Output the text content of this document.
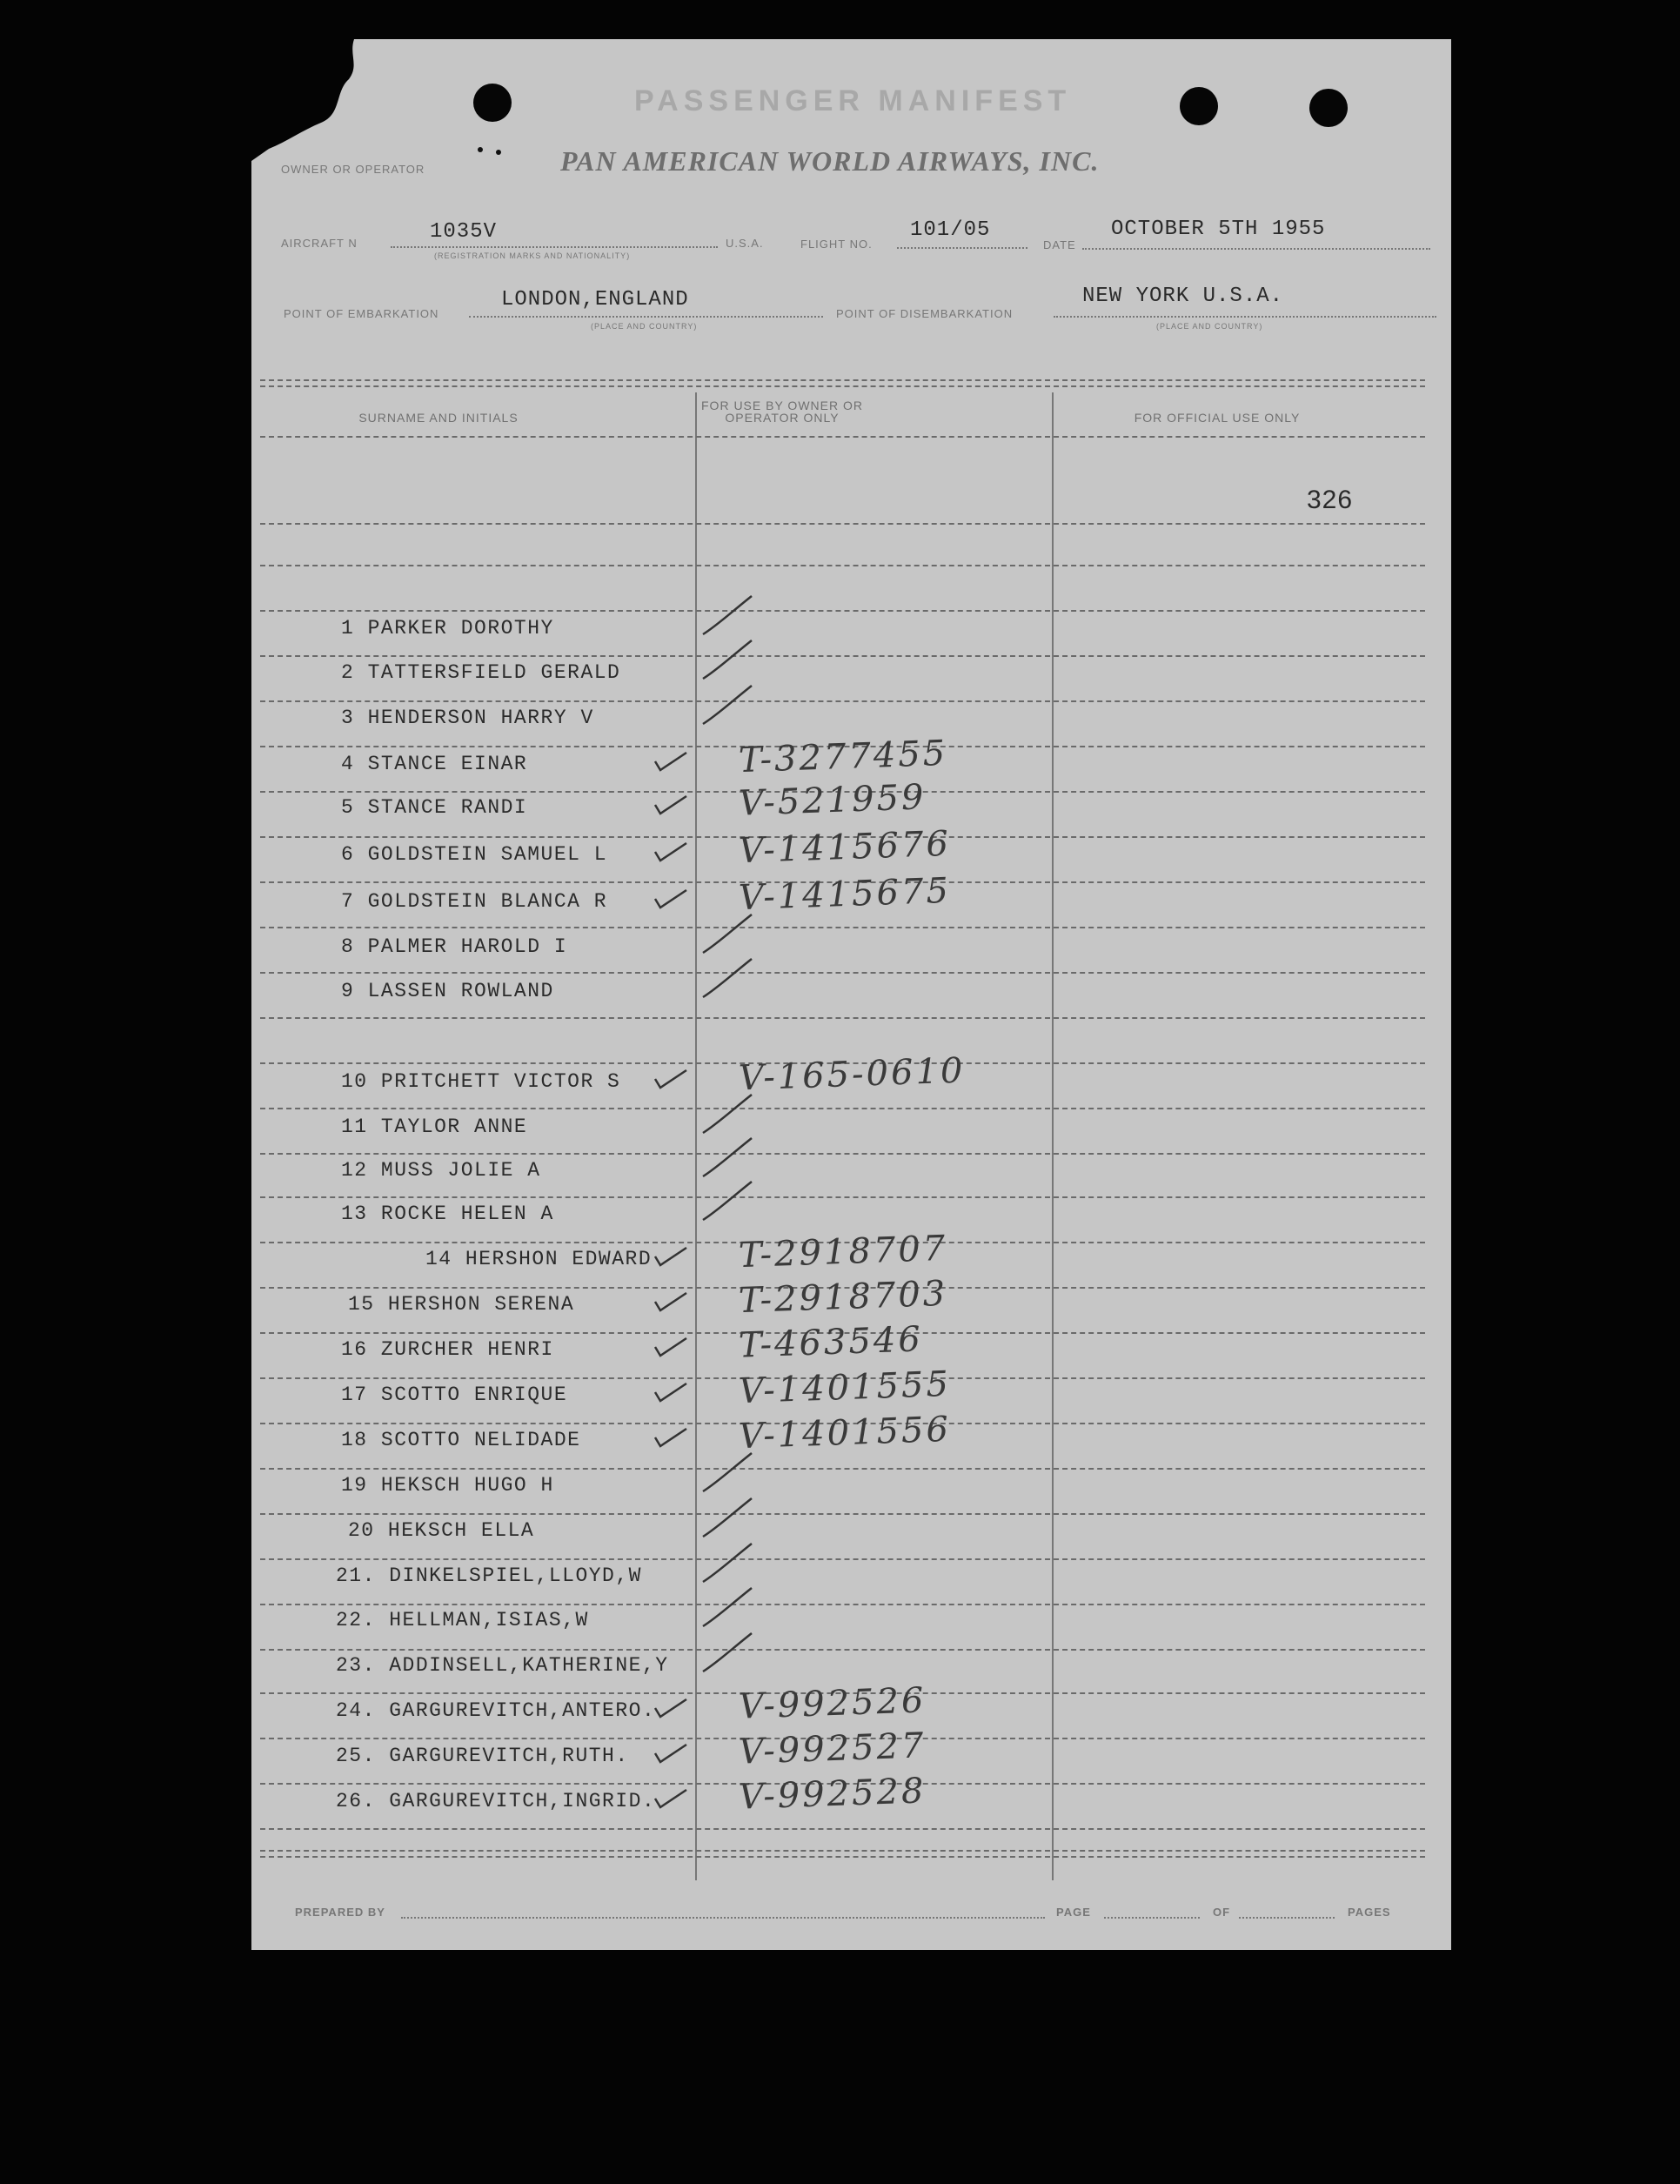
PASSENGER MANIFEST
OWNER OR OPERATOR	PAN AMERICAN WORLD AIRWAYS, INC.
AIRCRAFT N	1035V
(REGISTRATION MARKS AND NATIONALITY)
U.S.A.	FLIGHT NO.
101/05
DATE
OCTOBER 5TH 1955
POINT OF EMBARKATION
LONDON,ENGLAND
(PLACE AND COUNTRY)
POINT OF DISEMBARKATION
NEW YORK U.S.A.
(PLACE AND COUNTRY)
SURNAME AND INITIALS
FOR USE BY OWNER OR OPERATOR ONLY	FOR OFFICIAL USE ONLY
326
1 PARKER DOROTHY
2 TATTERSFIELD GERALD
3 HENDERSON HARRY V
4 STANCE EINAR	T-3277455
5 STANCE RANDI	V-521959
6 GOLDSTEIN SAMUEL L	V-1415676
7 GOLDSTEIN BLANCA R	V-1415675
8 PALMER HAROLD I
9 LASSEN ROWLAND
10 PRITCHETT VICTOR S	V-165-0610
11 TAYLOR ANNE
12 MUSS JOLIE A
13 ROCKE HELEN A
14 HERSHON EDWARD T-2918707
15 HERSHON SERENA	T-2918703
16 ZURCHER HENRI	T-463546
17 SCOTTO ENRIQUE	V-1401555
18 SCOTTO NELIDADE	V-1401556
19 HEKSCH HUGO H
20 HEKSCH ELLA
21. DINKELSPIEL,LLOYD,W
22. HELLMAN,ISIAS,W
23. ADDINSELL,KATHERINE,Y
24. GARGUREVITCH,ANTERO. V-992526
25. GARGUREVITCH,RUTH.	V-992527
26. GARGUREVITCH,INGRID. V-992528
PREPARED BY	PAGE	OF	PAGES
